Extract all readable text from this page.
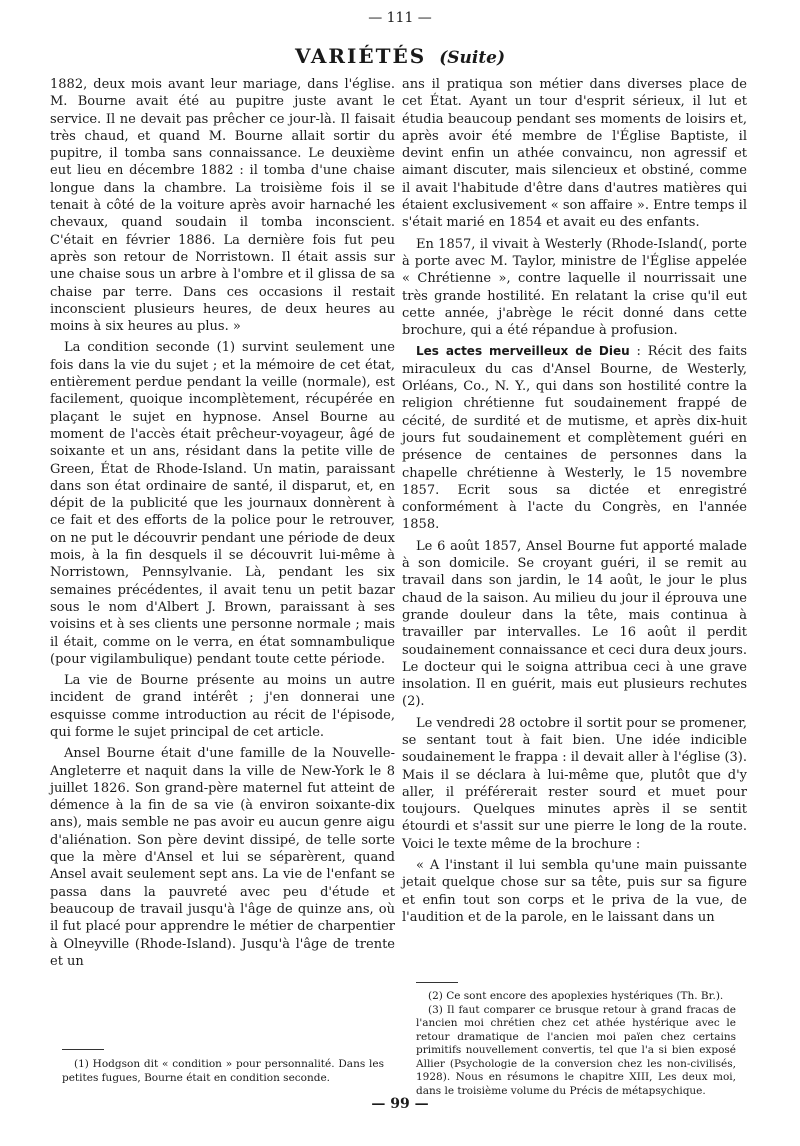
— 111 —
VARIÉTÉS (Suite)

1882, deux mois avant leur mariage, dans l'église. M. Bourne avait été au pupitre juste avant le service. Il ne devait pas prêcher ce jour-là. Il faisait très chaud, et quand M. Bourne allait sortir du pupitre, il tomba sans connaissance. Le deuxième eut lieu en décembre 1882 : il tomba d'une chaise longue dans la chambre. La troisième fois il se tenait à côté de la voiture après avoir harnaché les chevaux, quand soudain il tomba inconscient. C'était en février 1886. La dernière fois fut peu après son retour de Norristown. Il était assis sur une chaise sous un arbre à l'ombre et il glissa de sa chaise par terre. Dans ces occasions il restait inconscient plusieurs heures, de deux heures au moins à six heures au plus. »

La condition seconde (1) survint seulement une fois dans la vie du sujet ; et la mémoire de cet état, entièrement perdue pendant la veille (normale), est facilement, quoique incomplètement, récupérée en plaçant le sujet en hypnose. Ansel Bourne au moment de l'accès était prêcheur-voyageur, âgé de soixante et un ans, résidant dans la petite ville de Green, État de Rhode-Island. Un matin, paraissant dans son état ordinaire de santé, il disparut, et, en dépit de la publicité que les journaux donnèrent à ce fait et des efforts de la police pour le retrouver, on ne put le découvrir pendant une période de deux mois, à la fin desquels il se découvrit lui-même à Norristown, Pennsylvanie. Là, pendant les six semaines précédentes, il avait tenu un petit bazar sous le nom d'Albert J. Brown, paraissant à ses voisins et à ses clients une personne normale ; mais il était, comme on le verra, en état somnambulique (pour vigilambulique) pendant toute cette période.

La vie de Bourne présente au moins un autre incident de grand intérêt ; j'en donnerai une esquisse comme introduction au récit de l'épisode, qui forme le sujet principal de cet article.

Ansel Bourne était d'une famille de la Nouvelle-Angleterre et naquit dans la ville de New-York le 8 juillet 1826. Son grand-père maternel fut atteint de démence à la fin de sa vie (à environ soixante-dix ans), mais semble ne pas avoir eu aucun genre aigu d'aliénation. Son père devint dissipé, de telle sorte que la mère d'Ansel et lui se séparèrent, quand Ansel avait seulement sept ans. La vie de l'enfant se passa dans la pauvreté avec peu d'étude et beaucoup de travail jusqu'à l'âge de quinze ans, où il fut placé pour apprendre le métier de charpentier à Olneyville (Rhode-Island). Jusqu'à l'âge de trente et un

ans il pratiqua son métier dans diverses place de cet État. Ayant un tour d'esprit sérieux, il lut et étudia beaucoup pendant ses moments de loisirs et, après avoir été membre de l'Église Baptiste, il devint enfin un athée convaincu, non agressif et aimant discuter, mais silencieux et obstiné, comme il avait l'habitude d'être dans d'autres matières qui étaient exclusivement « son affaire ». Entre temps il s'était marié en 1854 et avait eu des enfants.

En 1857, il vivait à Westerly (Rhode-Island(, porte à porte avec M. Taylor, ministre de l'Église appelée « Chrétienne », contre laquelle il nourrissait une très grande hostilité. En relatant la crise qu'il eut cette année, j'abrège le récit donné dans cette brochure, qui a été répandue à profusion.

Les actes merveilleux de Dieu : Récit des faits miraculeux du cas d'Ansel Bourne, de Westerly, Orléans, Co., N. Y., qui dans son hostilité contre la religion chrétienne fut soudainement frappé de cécité, de surdité et de mutisme, et après dix-huit jours fut soudainement et complètement guéri en présence de centaines de personnes dans la chapelle chrétienne à Westerly, le 15 novembre 1857. Ecrit sous sa dictée et enregistré conformément à l'acte du Congrès, en l'année 1858.

Le 6 août 1857, Ansel Bourne fut apporté malade à son domicile. Se croyant guéri, il se remit au travail dans son jardin, le 14 août, le jour le plus chaud de la saison. Au milieu du jour il éprouva une grande douleur dans la tête, mais continua à travailler par intervalles. Le 16 août il perdit soudainement connaissance et ceci dura deux jours. Le docteur qui le soigna attribua ceci à une grave insolation. Il en guérit, mais eut plusieurs rechutes (2).

Le vendredi 28 octobre il sortit pour se promener, se sentant tout à fait bien. Une idée indicible soudainement le frappa : il devait aller à l'église (3). Mais il se déclara à lui-même que, plutôt que d'y aller, il préférerait rester sourd et muet pour toujours. Quelques minutes après il se sentit étourdi et s'assit sur une pierre le long de la route. Voici le texte même de la brochure :

« A l'instant il lui sembla qu'une main puissante jetait quelque chose sur sa tête, puis sur sa figure et enfin tout son corps et le priva de la vue, de l'audition et de la parole, en le laissant dans un

(1) Hodgson dit « condition » pour personnalité. Dans les petites fugues, Bourne était en condition seconde.

(2) Ce sont encore des apoplexies hystériques (Th. Br.).

(3) Il faut comparer ce brusque retour à grand fracas de l'ancien moi chrétien chez cet athée hystérique avec le retour dramatique de l'ancien moi païen chez certains primitifs nouvellement convertis, tel que l'a si bien exposé Allier (Psychologie de la conversion chez les non-civilisés, 1928). Nous en résumons le chapitre XIII, Les deux moi, dans le troisième volume du Précis de métapsychique.

— 99 —
